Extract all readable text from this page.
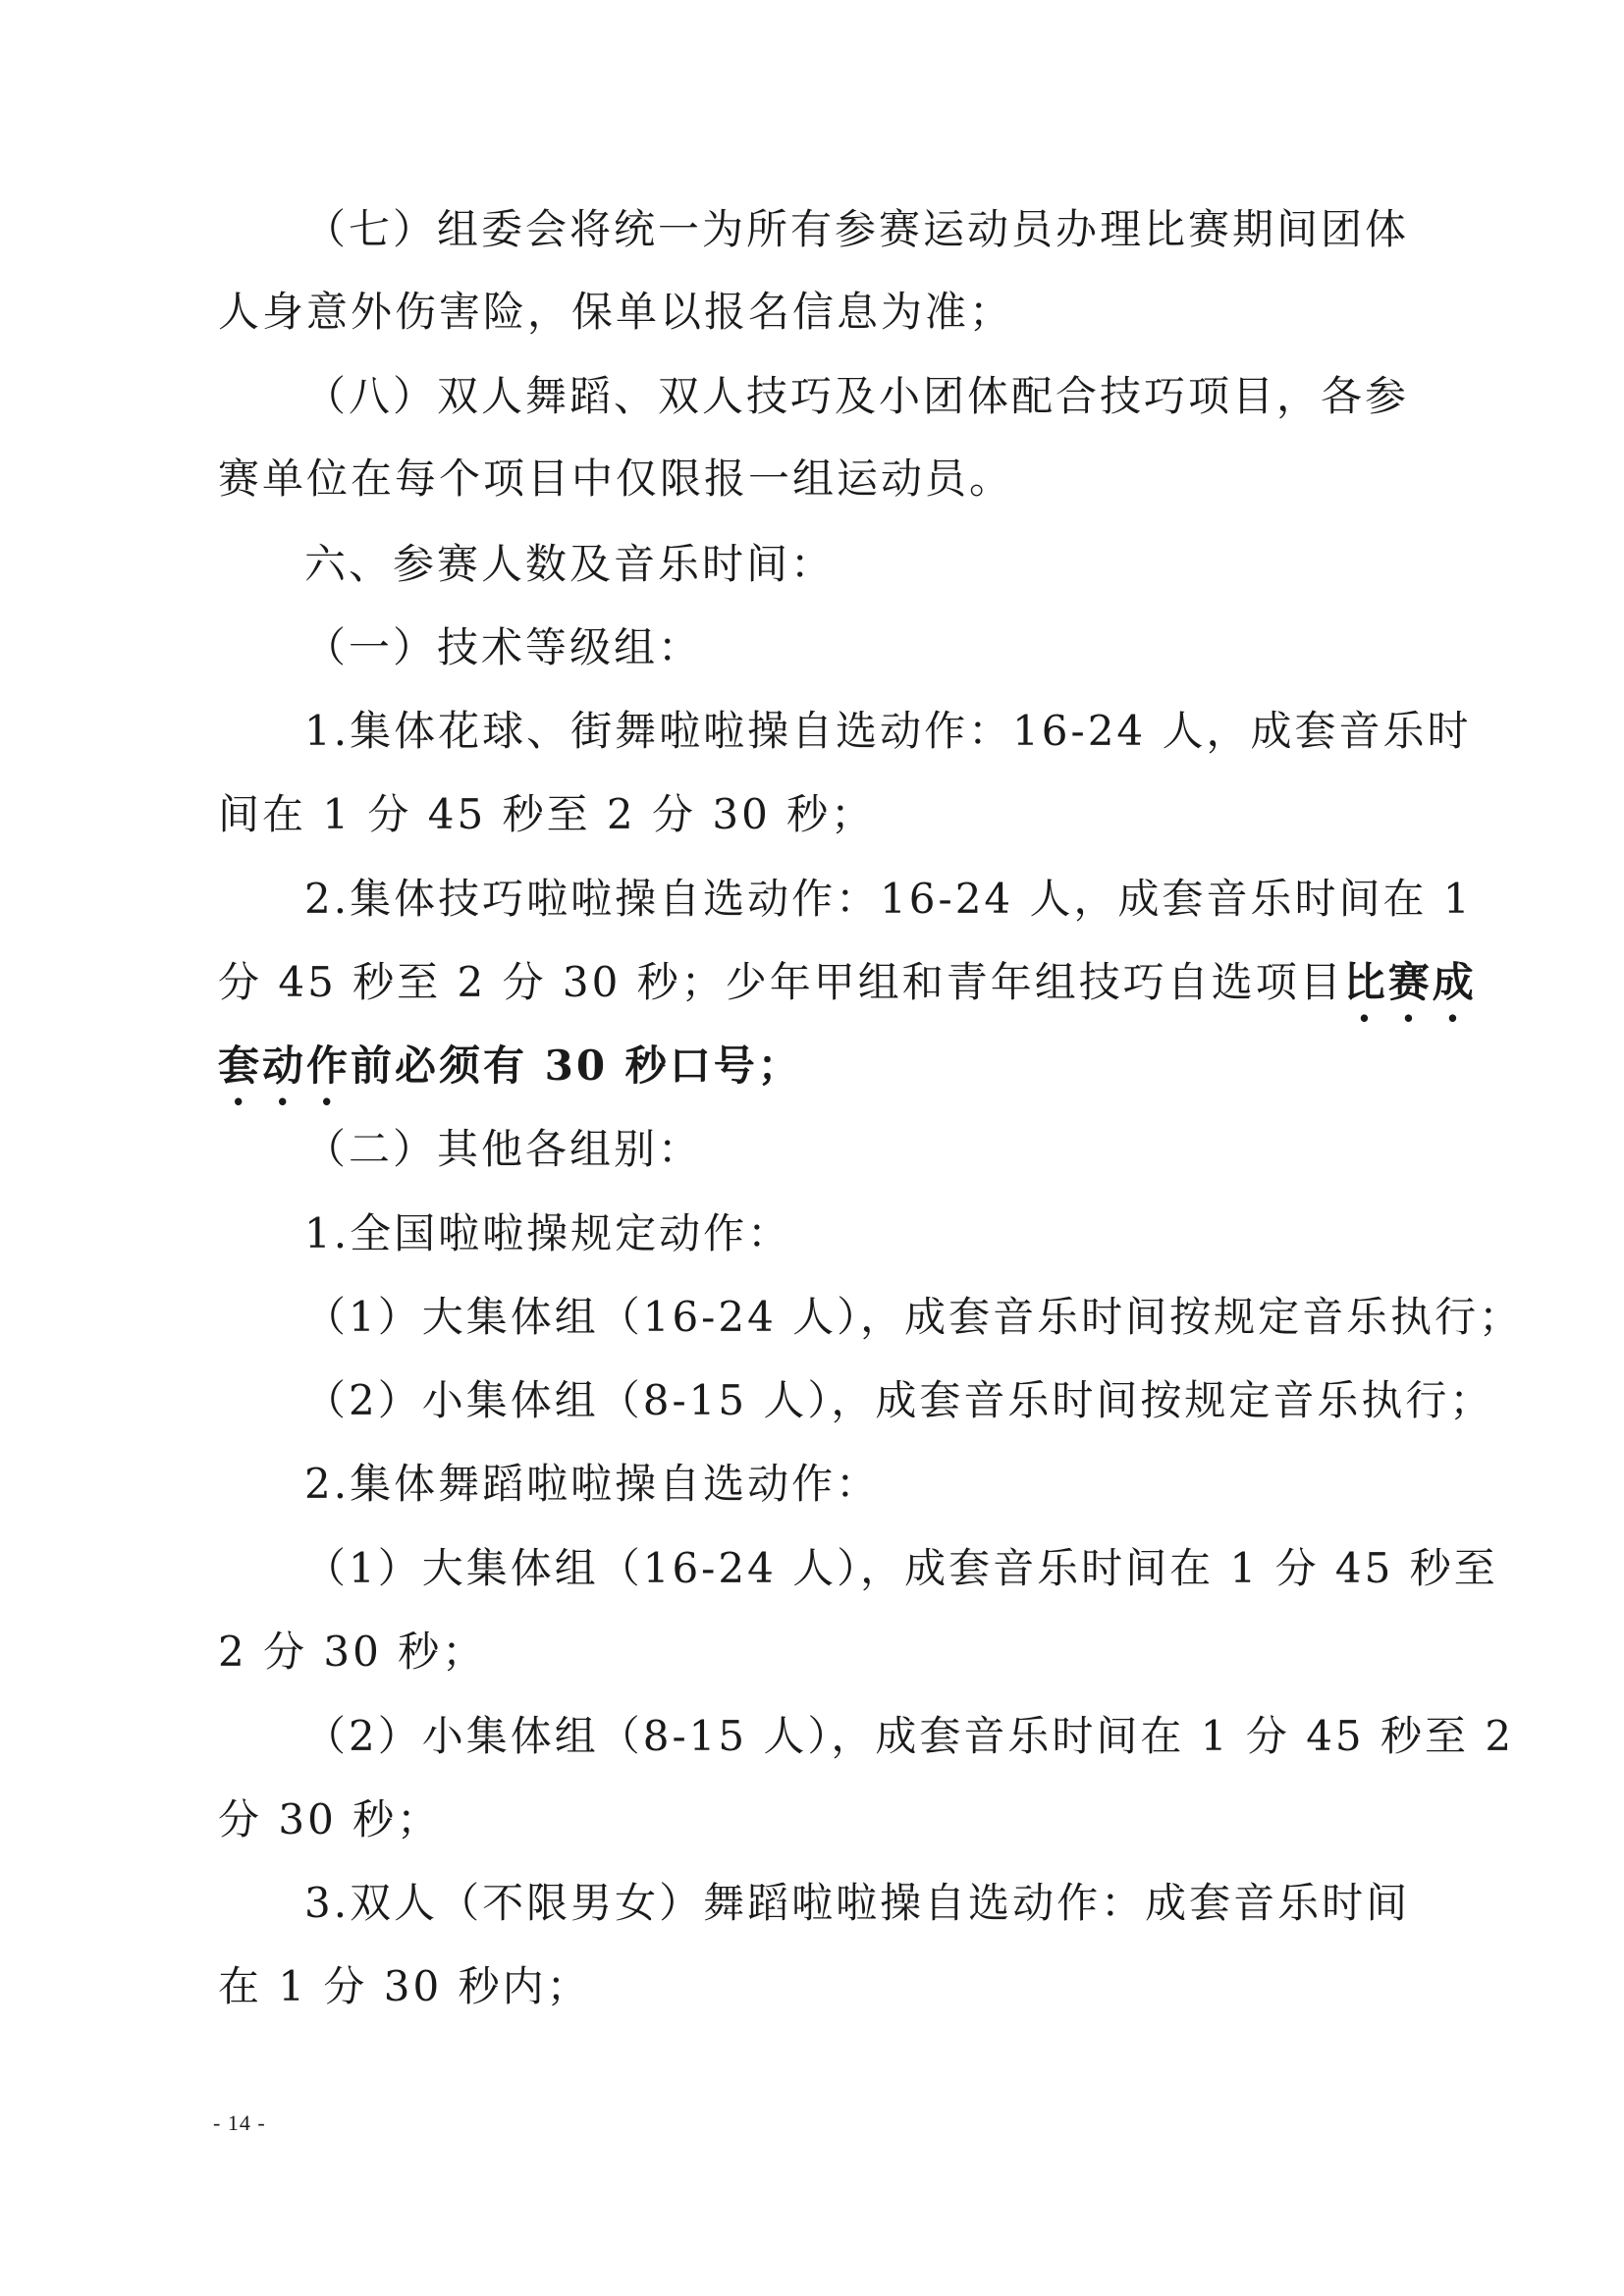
（七）组委会将统一为所有参赛运动员办理比赛期间团体
人身意外伤害险，保单以报名信息为准；
（八）双人舞蹈、双人技巧及小团体配合技巧项目，各参
赛单位在每个项目中仅限报一组运动员。
六、参赛人数及音乐时间：
（一）技术等级组：
1.集体花球、街舞啦啦操自选动作：16-24 人，成套音乐时
间在 1 分 45 秒至 2 分 30 秒；
2.集体技巧啦啦操自选动作：16-24 人，成套音乐时间在 1
分 45 秒至 2 分 30 秒；少年甲组和青年组技巧自选项目比赛成
套动作前必须有 30 秒口号；
（二）其他各组别：
1.全国啦啦操规定动作：
（1）大集体组（16-24 人），成套音乐时间按规定音乐执行；
（2）小集体组（8-15 人），成套音乐时间按规定音乐执行；
2.集体舞蹈啦啦操自选动作：
（1）大集体组（16-24 人），成套音乐时间在 1 分 45 秒至
2 分 30 秒；
（2）小集体组（8-15 人），成套音乐时间在 1 分 45 秒至 2
分 30 秒；
3.双人（不限男女）舞蹈啦啦操自选动作：成套音乐时间
在 1 分 30 秒内；
- 14 -
